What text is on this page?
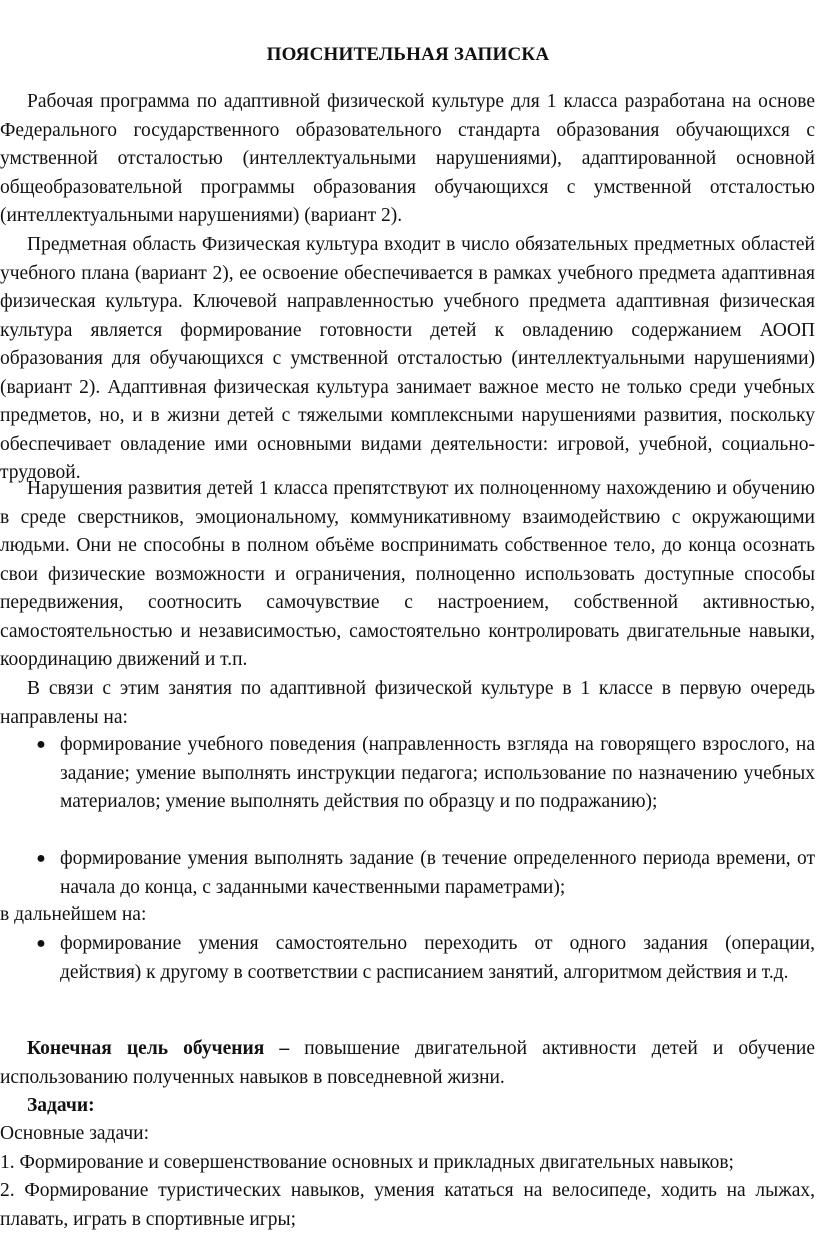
ПОЯСНИТЕЛЬНАЯ ЗАПИСКА

Рабочая программа по адаптивной физической культуре для 1 класса разработана на основе Федерального государственного образовательного стандарта образования обучающихся с умственной отсталостью (интеллектуальными нарушениями), адаптированной основной общеобразовательной программы образования обучающихся с умственной отсталостью (интеллектуальными нарушениями) (вариант 2).

Предметная область Физическая культура входит в число обязательных предметных областей учебного плана (вариант 2), ее освоение обеспечивается в рамках учебного предмета адаптивная физическая культура. Ключевой направленностью учебного предмета адаптивная физическая культура является формирование готовности детей к овладению содержанием АООП образования для обучающихся с умственной отсталостью (интеллектуальными нарушениями) (вариант 2). Адаптивная физическая культура занимает важное место не только среди учебных предметов, но, и в жизни детей с тяжелыми комплексными нарушениями развития, поскольку обеспечивает овладение ими основными видами деятельности: игровой, учебной, социально-трудовой.

Нарушения развития детей 1 класса препятствуют их полноценному нахождению и обучению в среде сверстников, эмоциональному, коммуникативному взаимодействию с окружающими людьми. Они не способны в полном объёме воспринимать собственное тело, до конца осознать свои физические возможности и ограничения, полноценно использовать доступные способы передвижения, соотносить самочувствие с настроением, собственной активностью, самостоятельностью и независимостью, самостоятельно контролировать двигательные навыки, координацию движений и т.п.

В связи с этим занятия по адаптивной физической культуре в 1 классе в первую очередь направлены на:

● формирование учебного поведения (направленность взгляда на говорящего взрослого, на задание; умение выполнять инструкции педагога; использование по назначению учебных материалов; умение выполнять действия по образцу и по подражанию);
● формирование умения выполнять задание (в течение определенного периода времени, от начала до конца, с заданными качественными параметрами);

в дальнейшем на:

● формирование умения самостоятельно переходить от одного задания (операции, действия) к другому в соответствии с расписанием занятий, алгоритмом действия и т.д.

Конечная цель обучения – повышение двигательной активности детей и обучение использованию полученных навыков в повседневной жизни.

Задачи:

Основные задачи:

1. Формирование и совершенствование основных и прикладных двигательных навыков;

2. Формирование туристических навыков, умения кататься на велосипеде, ходить на лыжах, плавать, играть в спортивные игры;
